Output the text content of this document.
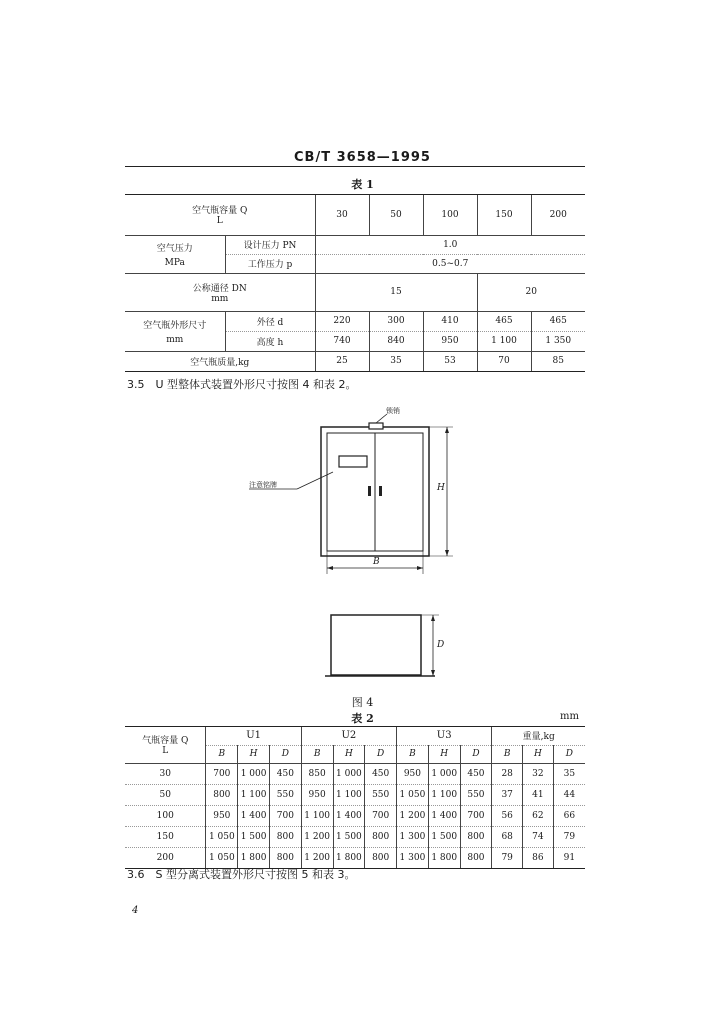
CB/T 3658—1995
表 1
空气瓶容量 Q
L		30	50	100	150	200

空气压力
MPa	设计压力 PN	1.0				
	工作压力 p	0.5~0.7				

公称通径 DN
mm		15			20	

空气瓶外形尺寸
mm	外径 d	220	300	410	465	465
	高度 h	740	840	950	1 100	1 350
空气瓶质量,kg		25	35	53	70	85
3.5　U 型整体式装置外形尺寸按图 4 和表 2。
锁销
注意铭牌	H
B
D
图 4
表 2	mm
气瓶容量 Q
L	U1			U2			U3			重量,kg		
	B	H	D	B	H	D	B	H	D	B	H	D
30	700	1 000	450	850	1 000	450	950	1 000	450	28	32	35
50	800	1 100	550	950	1 100	550	1 050	1 100	550	37	41	44
100	950	1 400	700	1 100	1 400	700	1 200	1 400	700	56	62	66
150	1 050	1 500	800	1 200	1 500	800	1 300	1 500	800	68	74	79
200	1 050	1 800	800	1 200	1 800	800	1 300	1 800	800	79	86	91
3.6　S 型分离式装置外形尺寸按图 5 和表 3。
4
